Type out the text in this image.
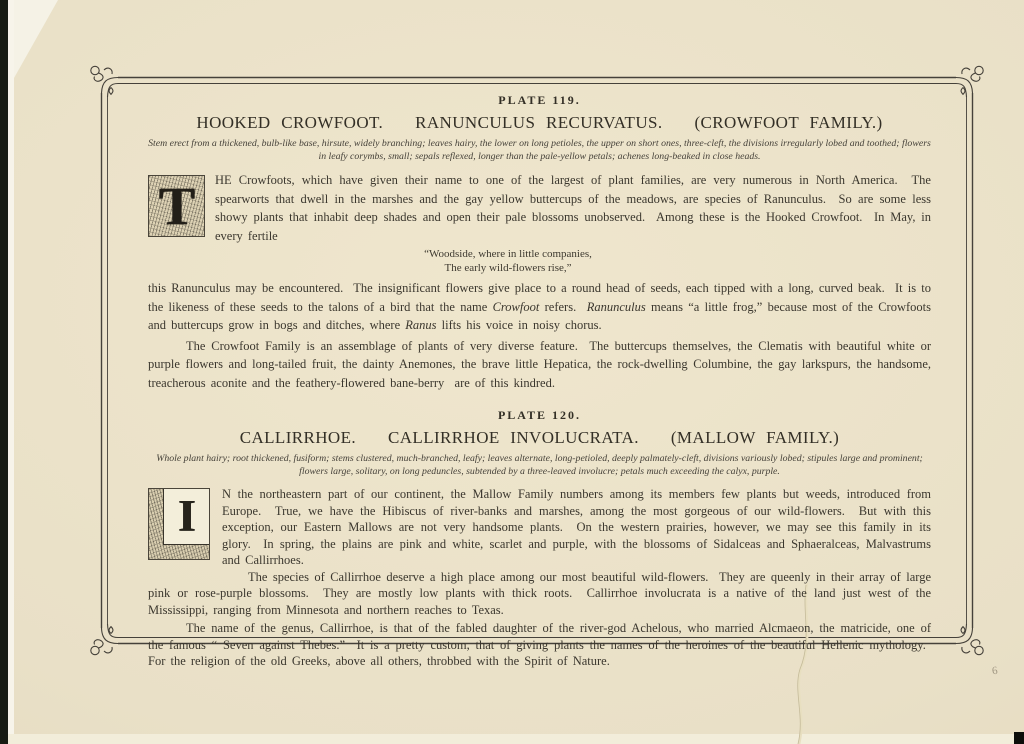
PLATE 119.
HOOKED CROWFOOT.   RANUNCULUS RECURVATUS.   (CROWFOOT FAMILY.)

Stem erect from a thickened, bulb-like base, hirsute, widely branching; leaves hairy, the lower on long petioles, the upper on short ones, three-cleft, the divisions irregularly lobed and toothed; flowers in leafy corymbs, small; sepals reflexed, longer than the pale-yellow petals; achenes long-beaked in close heads.

T HE Crowfoots, which have given their name to one of the largest of plant families, are very numerous in North America.  The spearworts that dwell in the marshes and the gay yellow buttercups of the meadows, are species of Ranunculus.  So are some less showy plants that inhabit deep shades and open their pale blossoms unobserved.  Among these is the Hooked Crowfoot.  In May, in every fertile

“Woodside, where in little companies,
The early wild-flowers rise,”

this Ranunculus may be encountered.  The insignificant flowers give place to a round head of seeds, each tipped with a long, curved beak.  It is to the likeness of these seeds to the talons of a bird that the name Crowfoot refers.  Ranunculus means “a little frog,” because most of the Crowfoots and buttercups grow in bogs and ditches, where Ranus lifts his voice in noisy chorus.

The Crowfoot Family is an assemblage of plants of very diverse feature.  The buttercups themselves, the Clematis with beautiful white or purple flowers and long-tailed fruit, the dainty Anemones, the brave little Hepatica, the rock-dwelling Columbine, the gay larkspurs, the handsome, treacherous aconite and the feathery-flowered bane-berry  are of this kindred.

PLATE 120.
CALLIRRHOE.   CALLIRRHOE INVOLUCRATA.   (MALLOW FAMILY.)

Whole plant hairy; root thickened, fusiform; stems clustered, much-branched, leafy; leaves alternate, long-petioled, deeply palmately-cleft, divisions variously lobed; stipules large and prominent; flowers large, solitary, on long peduncles, subtended by a three-leaved involucre; petals much exceeding the calyx, purple.

I N the northeastern part of our continent, the Mallow Family numbers among its members few plants but weeds, introduced from Europe.  True, we have the Hibiscus of river-banks and marshes, among the most gorgeous of our wild-flowers.  But with this exception, our Eastern Mallows are not very handsome plants.  On the western prairies, however, we may see this family in its glory.  In spring, the plains are pink and white, scarlet and purple, with the blossoms of Sidalceas and Sphaeralceas, Malvastrums and Callirrhoes.

The species of Callirrhoe deserve a high place among our most beautiful wild-flowers.  They are queenly in their array of large pink or rose-purple blossoms.  They are mostly low plants with thick roots.  Callirrhoe involucrata is a native of the land just west of the Mississippi, ranging from Minnesota and northern reaches to Texas.

The name of the genus, Callirrhoe, is that of the fabled daughter of the river-god Achelous, who married Alcmaeon, the matricide, one of the famous “ Seven against Thebes.”  It is a pretty custom, that of giving plants the names of the heroines of the beautiful Hellenic mythology.  For the religion of the old Greeks, above all others, throbbed with the Spirit of Nature.

6
